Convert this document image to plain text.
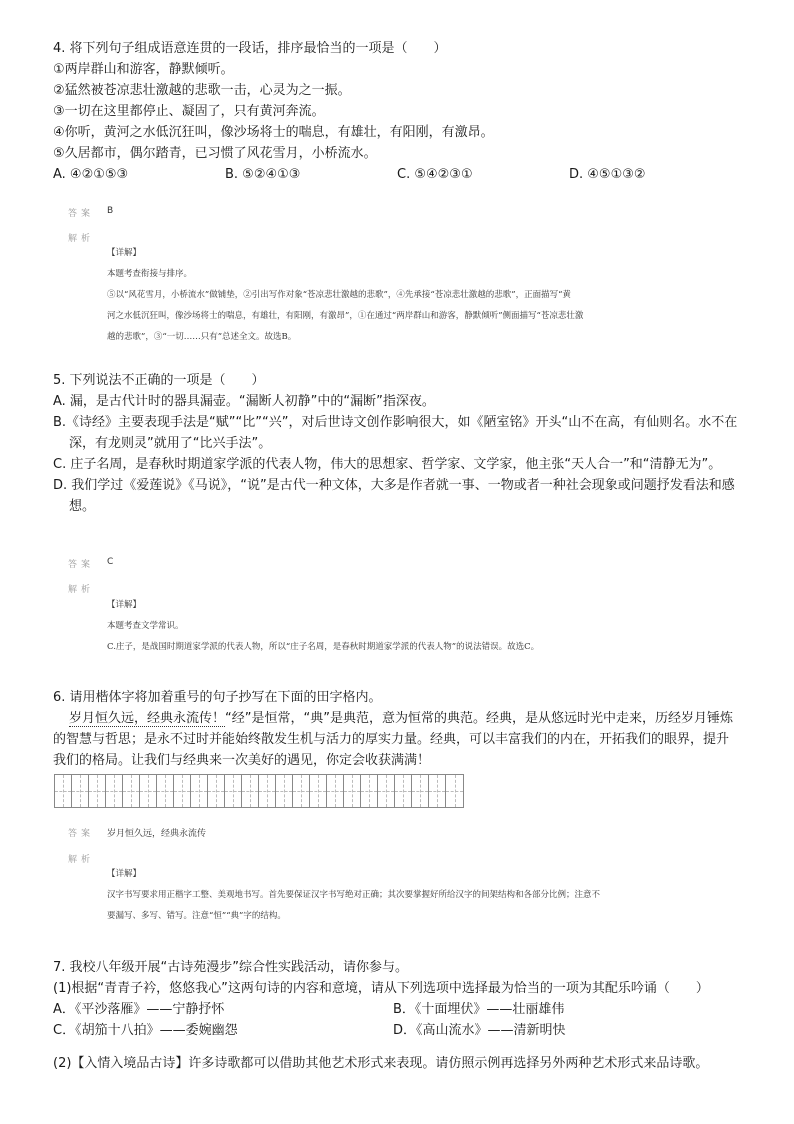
4. 将下列句子组成语意连贯的一段话，排序最恰当的一项是（　　）

①两岸群山和游客，静默倾听。

②猛然被苍凉悲壮激越的悲歌一击，心灵为之一振。

③一切在这里都停止、凝固了，只有黄河奔流。

④你听，黄河之水低沉狂叫，像沙场将士的喘息，有雄壮，有阳刚，有激昂。

⑤久居都市，偶尔踏青，已习惯了风花雪月，小桥流水。

A. ④②①⑤③	B. ⑤②④①③	C. ⑤④②③①	D. ④⑤①③②
答案 B
解析

【详解】

本题考查衔接与排序。

⑤以“风花雪月，小桥流水”做铺垫，②引出写作对象“苍凉悲壮激越的悲歌”，④先承接“苍凉悲壮激越的悲歌”，正面描写“黄

河之水低沉狂叫，像沙场将士的喘息，有雄壮，有阳刚，有激昂”，①在通过“两岸群山和游客，静默倾听”侧面描写“苍凉悲壮激

越的悲歌”，③“一切……只有”总述全文。故选B。

5. 下列说法不正确的一项是（　　）

A. 漏，是古代计时的器具漏壶。“漏断人初静”中的“漏断”指深夜。

B.《诗经》主要表现手法是“赋”“比”“兴”，对后世诗文创作影响很大，如《陋室铭》开头“山不在高，有仙则名。水不在深，有龙则灵”就用了“比兴手法”。

C. 庄子名周，是春秋时期道家学派的代表人物，伟大的思想家、哲学家、文学家，他主张“天人合一”和“清静无为”。

D. 我们学过《爱莲说》《马说》，“说”是古代一种文体，大多是作者就一事、一物或者一种社会现象或问题抒发看法和感想。

答案 C
解析

【详解】

本题考查文学常识。

C.庄子，是战国时期道家学派的代表人物，所以“庄子名周，是春秋时期道家学派的代表人物”的说法错误。故选C。

6. 请用楷体字将加着重号的句子抄写在下面的田字格内。

岁月恒久远，经典永流传！“经”是恒常，“典”是典范，意为恒常的典范。经典，是从悠远时光中走来，历经岁月锤炼的智慧与哲思；是永不过时并能始终散发生机与活力的厚实力量。经典，可以丰富我们的内在，开拓我们的眼界，提升我们的格局。让我们与经典来一次美好的遇见，你定会收获满满！

答案 岁月恒久远，经典永流传
解析

【详解】

汉字书写要求用正楷字工整、美观地书写。首先要保证汉字书写绝对正确；其次要掌握好所给汉字的间架结构和各部分比例；注意不

要漏写、多写、错写。注意“恒”“典”字的结构。

7. 我校八年级开展“古诗苑漫步”综合性实践活动，请你参与。

(1)根据“青青子衿，悠悠我心”这两句诗的内容和意境，请从下列选项中选择最为恰当的一项为其配乐吟诵（　　）

A．《平沙落雁》——宁静抒怀	B．《十面埋伏》——壮丽雄伟
C．《胡笳十八拍》——委婉幽怨	D．《高山流水》——清新明快

(2)【入情入境品古诗】许多诗歌都可以借助其他艺术形式来表现。请仿照示例再选择另外两种艺术形式来品诗歌。
